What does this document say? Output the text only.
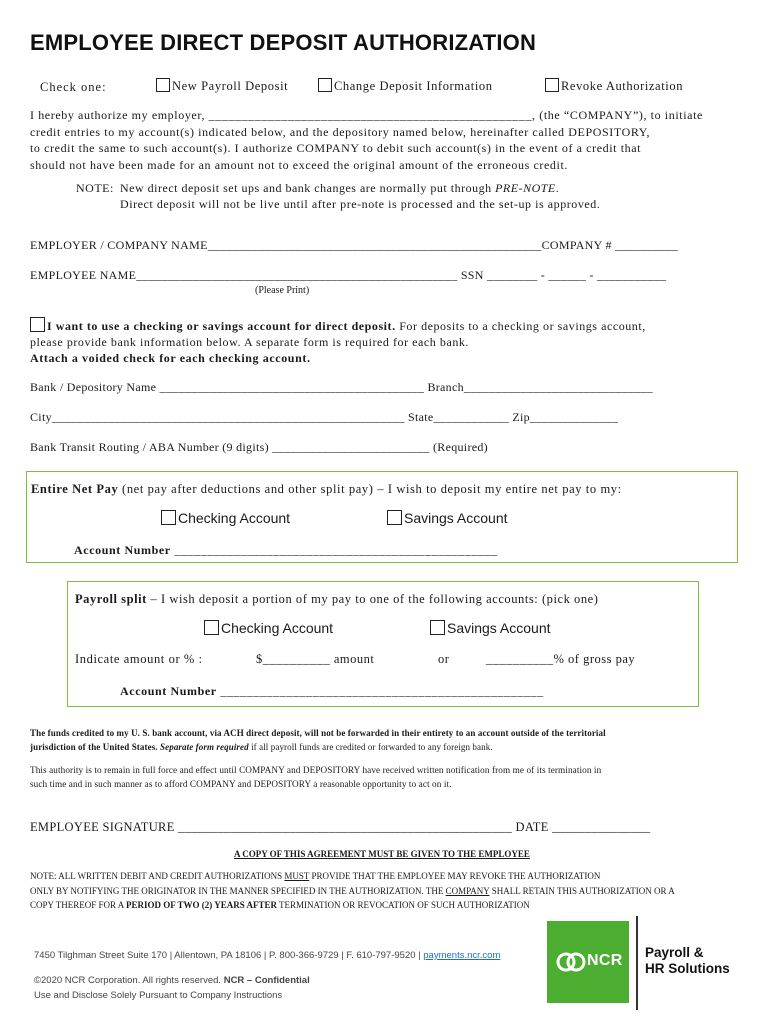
EMPLOYEE DIRECT DEPOSIT AUTHORIZATION
Check one:	New Payroll Deposit	Change Deposit Information	Revoke Authorization
I hereby authorize my employer, _________________________________________________, (the “COMPANY”), to initiate
credit entries to my account(s) indicated below, and the depository named below, hereinafter called DEPOSITORY,
to credit the same to such account(s). I authorize COMPANY to debit such account(s) in the event of a credit that
should not have been made for an amount not to exceed the original amount of the erroneous credit.
NOTE: New direct deposit set ups and bank changes are normally put through PRE-NOTE.
Direct deposit will not be live until after pre-note is processed and the set-up is approved.
EMPLOYER / COMPANY NAME_____________________________________________________COMPANY # __________
EMPLOYEE NAME___________________________________________________ SSN ________ - ______ - ___________
(Please Print)
I want to use a checking or savings account for direct deposit. For deposits to a checking or savings account,
please provide bank information below. A separate form is required for each bank.
Attach a voided check for each checking account.
Bank / Depository Name __________________________________________ Branch______________________________
City________________________________________________________ State____________ Zip______________
Bank Transit Routing / ABA Number (9 digits) _________________________ (Required)
Entire Net Pay (net pay after deductions and other split pay) – I wish to deposit my entire net pay to my:
Checking Account	Savings Account
Account Number _________________________________________________
Payroll split – I wish deposit a portion of my pay to one of the following accounts: (pick one)
Checking Account	Savings Account
Indicate amount or % :	$__________ amount	or	__________% of gross pay
Account Number _________________________________________________
The funds credited to my U. S. bank account, via ACH direct deposit, will not be forwarded in their entirety to an account outside of the territorial
jurisdiction of the United States. Separate form required if all payroll funds are credited or forwarded to any foreign bank.
This authority is to remain in full force and effect until COMPANY and DEPOSITORY have received written notification from me of its termination in
such time and in such manner as to afford COMPANY and DEPOSITORY a reasonable opportunity to act on it.
EMPLOYEE SIGNATURE ___________________________________________________ DATE _______________
A COPY OF THIS AGREEMENT MUST BE GIVEN TO THE EMPLOYEE
NOTE: ALL WRITTEN DEBIT AND CREDIT AUTHORIZATIONS MUST PROVIDE THAT THE EMPLOYEE MAY REVOKE THE AUTHORIZATION
ONLY BY NOTIFYING THE ORIGINATOR IN THE MANNER SPECIFIED IN THE AUTHORIZATION. THE COMPANY SHALL RETAIN THIS AUTHORIZATION OR A
COPY THEREOF FOR A PERIOD OF TWO (2) YEARS AFTER TERMINATION OR REVOCATION OF SUCH AUTHORIZATION
7450 Tilghman Street Suite 170 | Allentown, PA 18106 | P. 800-366-9729 | F. 610-797-9520 | payments.ncr.com
©2020 NCR Corporation. All rights reserved. NCR – Confidential
Use and Disclose Solely Pursuant to Company Instructions
NCR Payroll &
HR Solutions
